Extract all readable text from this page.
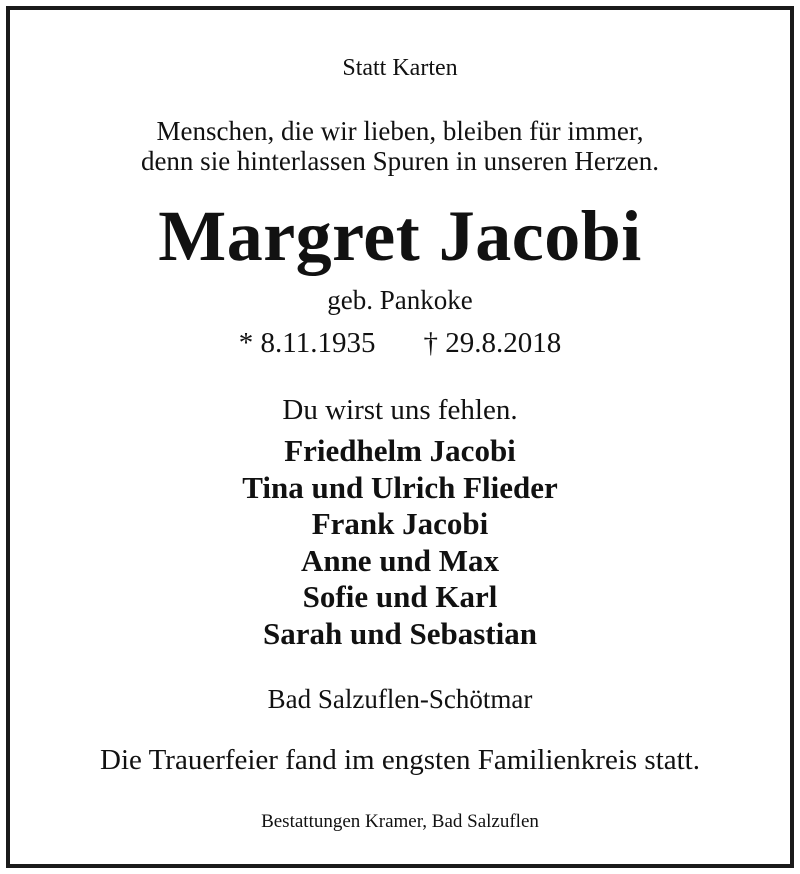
Statt Karten
Menschen, die wir lieben, bleiben für immer,
denn sie hinterlassen Spuren in unseren Herzen.
Margret Jacobi
geb. Pankoke
* 8.11.1935 † 29.8.2018
Du wirst uns fehlen.
Friedhelm Jacobi
Tina und Ulrich Flieder
Frank Jacobi
Anne und Max
Sofie und Karl
Sarah und Sebastian
Bad Salzuflen-Schötmar
Die Trauerfeier fand im engsten Familienkreis statt.
Bestattungen Kramer, Bad Salzuflen
